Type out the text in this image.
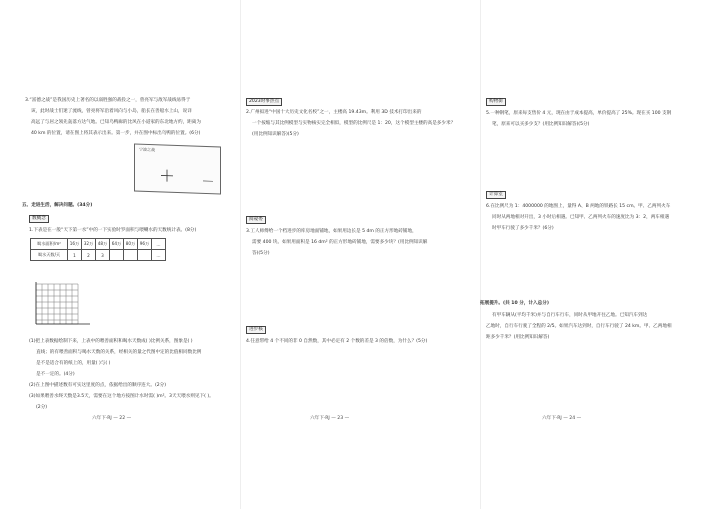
3.“富德之战”是我国历史上著名的以弱胜强的战役之一，曾亮军与敌军战线易得于
该，此时战士们迷了流线，曾亮将军沿着风向与小岛，船长在善船水上山，说详
高远了与居之领先轰落方达气地。已知乌鸭廊的比风在小道家的东北地方约，距离为
40 km 的位置，请在图上将其表示出来。第一步，并在图中标出乌鸭的位置。(6分)
宁波之战
五、走进生活，解决问题。(34分)
数概念
1.下表是在一般“天下第一水”中的一下实验时罗面积与喂喇水的天数统计表。(8分)
喝水面积/m²	16万	32万	48万	64万	80万	96万	…
喝水天数/天	1	2	3				…
(1)把上表数据绘制下来，上表中的喂善面积和喝水天数成( )比例关系，图象是( )
直线；的有喂善面积与喝水天数的关系，经相关的量之代图中定的比值相同数比例
是不是适合有的纸上的，用量( )与( )
是不一定的。(4分)
(2)在上图中描述数有可实这里度的点，依据给出的顺序连大。(2分)
(3)如果喂善水终天数是3.5天，需要在这个地方按图计水时需( )m²。3天天喂水则见下( )。
(2分)
六年下·RJ — 22 —
2023时事热点
2.广州拟进“中国十大历史文化名校”之一，主楼高 19.43m。利用 3D 技术打印出来的
一个按缩与其比例模型与实物核实完全相似，模型的比例尺是 1：20，这个模型主楼的高是多少米？
(用比例知识解答)(5分)
阅窥委
3.工人师傅给一个档进步的库房地面铺地，如果用边长是 5 dm 的正方形地砖铺地，
需要 400 块。如果用面积是 16 dm² 的正方形地砖铺地，需要多少块？(用比例知识解
答)(5分)
进步核
4.任意带给 4 个不同的非 0 自然数，其中必定有 2 个数的差是 3 的倍数，为什么？(5分)
六年下·RJ — 23 —
购物街
5.一种钢笔，原来每支售价 4 元，现在由于成本提高，单价提高了 25%。现在买 100 支钢
笔，原来可以买多少支？(用比例知识解答)(5分)
计算室
6.在比例尺为 1：4000000 的地图上，量得 A、B 两地的铁路长 15 cm。甲、乙两列火车
同时从两地相对开出，3 小时后相遇。已知甲、乙两列火车的速度比为 3：2，两车相遇
时甲车行驶了多少千米？(6分)
拓展提升。(共 10 分，计入总分)
有甲车辆从(平均千米)并与自行车行车，同时从甲地开往乙地。已知汽车到达
乙地时，自行车行驶了全程的 2/5。如果汽车达到时，自行车行驶了 24 km。甲、乙两地相
距多少千米？(用比例知识解答)
六年下·RJ — 24 —
